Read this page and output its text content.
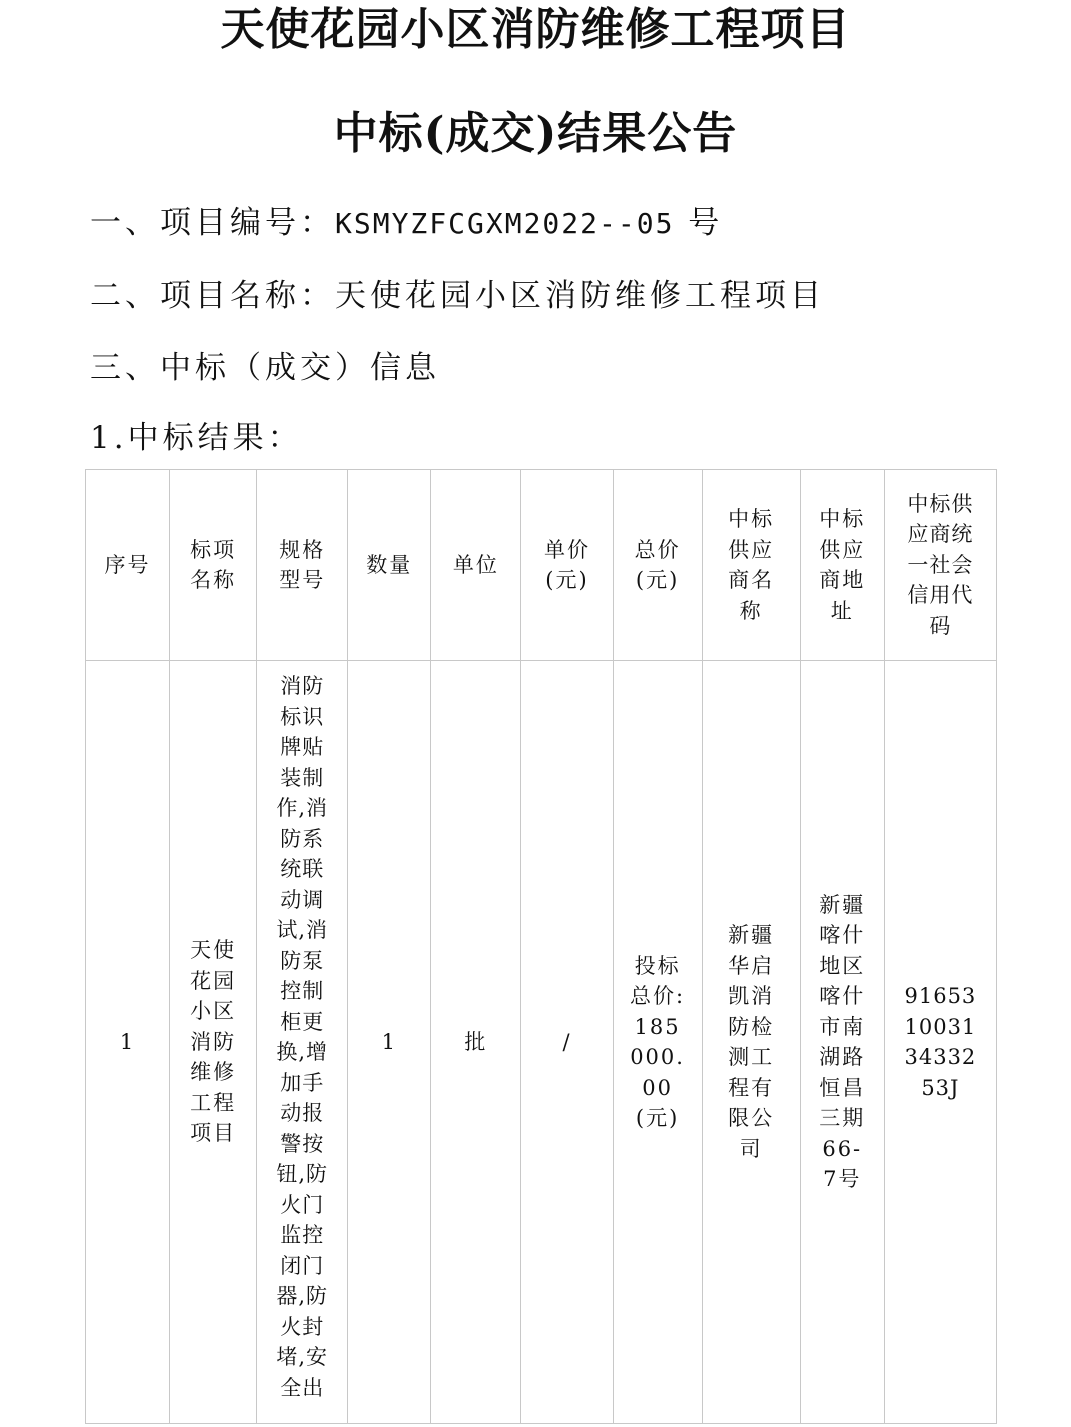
天使花园小区消防维修工程项目
中标(成交)结果公告
一、项目编号：KSMYZFCGXM2022--05 号
二、项目名称：天使花园小区消防维修工程项目
三、中标（成交）信息
1.中标结果：
序号	标项名称	规格型号	数量	单位	单价(元)	总价(元)	中标供应商名称	中标供应商地址	中标供应商统一社会信用代码
1	天使花园小区消防维修工程项目	消防标识牌贴装制作,消防系统联动调试,消防泵控制柜更换,增加手动报警按钮,防火门监控闭门器,防火封堵,安全出	1	批	/	投标总价:185000.00(元)	新疆华启凯消防检测工程有限公司	新疆喀什地区喀什市南湖路恒昌三期66-7号	91653100313433253J
